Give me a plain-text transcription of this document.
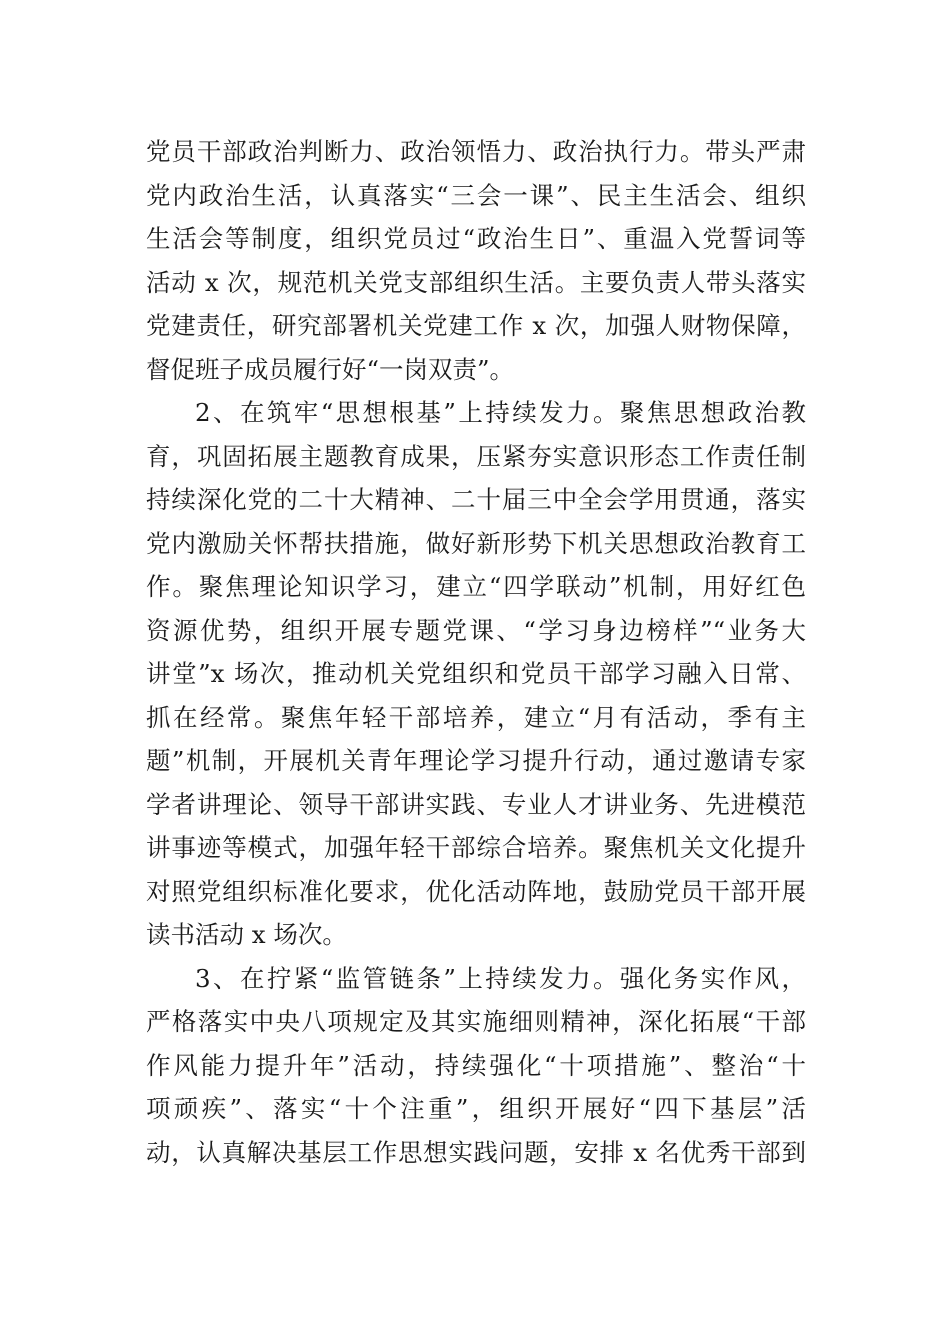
党员干部政治判断力、政治领悟力、政治执行力。带头严肃
党内政治生活，认真落实“三会一课”、民主生活会、组织
生活会等制度，组织党员过“政治生日”、重温入党誓词等
活动 x 次，规范机关党支部组织生活。主要负责人带头落实
党建责任，研究部署机关党建工作 x 次，加强人财物保障，
督促班子成员履行好“一岗双责”。
2、在筑牢“思想根基”上持续发力。聚焦思想政治教
育，巩固拓展主题教育成果，压紧夯实意识形态工作责任制
持续深化党的二十大精神、二十届三中全会学用贯通，落实
党内激励关怀帮扶措施，做好新形势下机关思想政治教育工
作。聚焦理论知识学习，建立“四学联动”机制，用好红色
资源优势，组织开展专题党课、“学习身边榜样”“业务大
讲堂”x 场次，推动机关党组织和党员干部学习融入日常、
抓在经常。聚焦年轻干部培养，建立“月有活动，季有主
题”机制，开展机关青年理论学习提升行动，通过邀请专家
学者讲理论、领导干部讲实践、专业人才讲业务、先进模范
讲事迹等模式，加强年轻干部综合培养。聚焦机关文化提升
对照党组织标准化要求，优化活动阵地，鼓励党员干部开展
读书活动 x 场次。
3、在拧紧“监管链条”上持续发力。强化务实作风，
严格落实中央八项规定及其实施细则精神，深化拓展“干部
作风能力提升年”活动，持续强化“十项措施”、整治“十
项顽疾”、落实“十个注重”，组织开展好“四下基层”活
动，认真解决基层工作思想实践问题，安排 x 名优秀干部到
